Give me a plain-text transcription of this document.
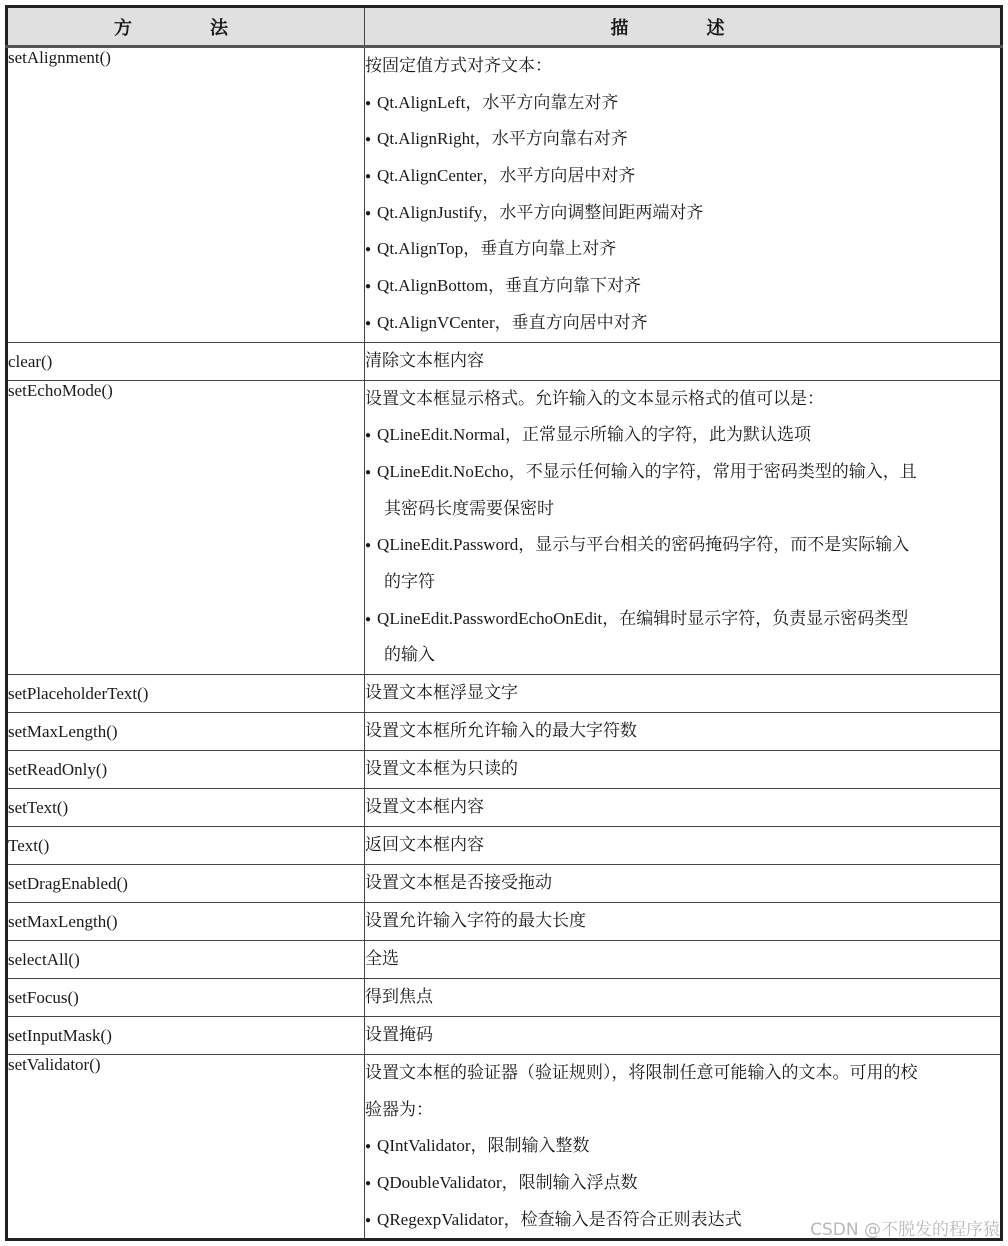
方　法	描　述
setAlignment()	按固定值方式对齐文本：
● Qt.AlignLeft，水平方向靠左对齐
● Qt.AlignRight，水平方向靠右对齐
● Qt.AlignCenter，水平方向居中对齐
● Qt.AlignJustify，水平方向调整间距两端对齐
● Qt.AlignTop，垂直方向靠上对齐
● Qt.AlignBottom，垂直方向靠下对齐
● Qt.AlignVCenter，垂直方向居中对齐

clear()	清除文本框内容

setEchoMode()	设置文本框显示格式。允许输入的文本显示格式的值可以是：
● QLineEdit.Normal，正常显示所输入的字符，此为默认选项
● QLineEdit.NoEcho，不显示任何输入的字符，常用于密码类型的输入，且
其密码长度需要保密时
● QLineEdit.Password，显示与平台相关的密码掩码字符，而不是实际输入
的字符
● QLineEdit.PasswordEchoOnEdit，在编辑时显示字符，负责显示密码类型
的输入

setPlaceholderText()	设置文本框浮显文字

setMaxLength()	设置文本框所允许输入的最大字符数

setReadOnly()	设置文本框为只读的

setText()	设置文本框内容

Text()	返回文本框内容

setDragEnabled()	设置文本框是否接受拖动

setMaxLength()	设置允许输入字符的最大长度

selectAll()	全选

setFocus()	得到焦点

setInputMask()	设置掩码

setValidator()	设置文本框的验证器（验证规则），将限制任意可能输入的文本。可用的校
验器为：
● QIntValidator，限制输入整数
● QDoubleValidator，限制输入浮点数
● QRegexpValidator，检查输入是否符合正则表达式
CSDN @不脱发的程序猿
